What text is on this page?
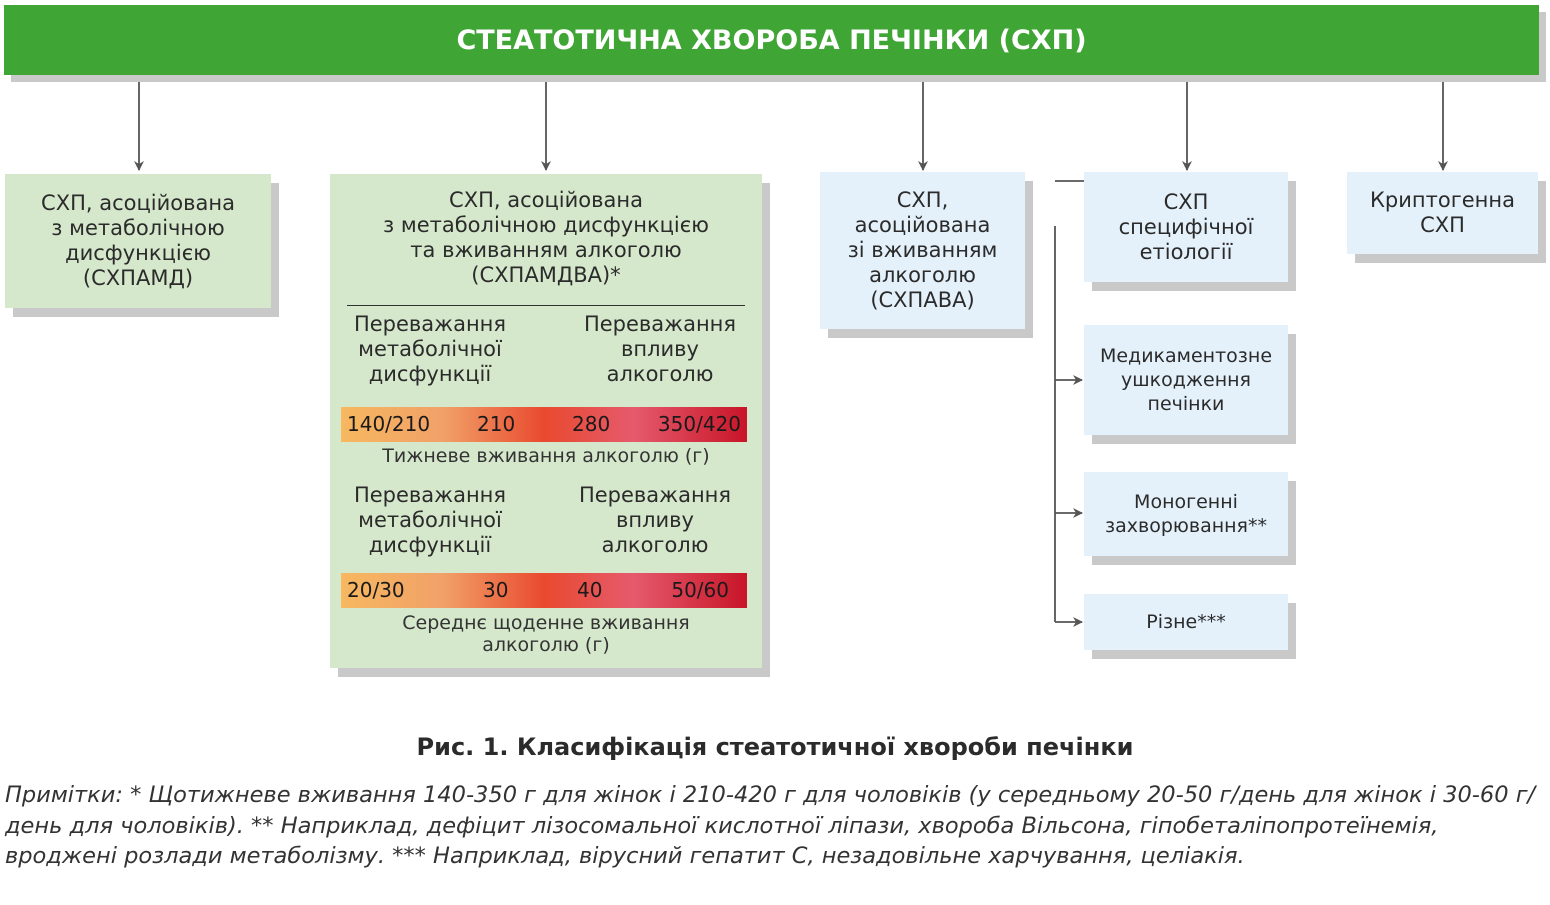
СТЕАТОТИЧНА ХВОРОБА ПЕЧІНКИ (СХП)
СХП, асоційована
з метаболічною
дисфункцією
(СХПАМД)
СХП, асоційована
з метаболічною дисфункцією
та вживанням алкоголю
(СХПАМДВА)*
Переважання
метаболічної
дисфункції
Переважання
впливу
алкоголю
140/210 210	280 350/420
Тижневе вживання алкоголю (г)
Переважання
метаболічної
дисфункції
Переважання
впливу
алкоголю
20/30	30	40	50/60
Середнє щоденне вживання
алкоголю (г)
СХП,
асоційована
зі вживанням
алкоголю
(СХПАВА)
СХП
специфічної
етіології
Криптогенна
СХП
Медикаментозне
ушкодження
печінки
Моногенні
захворювання**
Різне***
Рис. 1. Класифікація стеатотичної хвороби печінки
Примітки: * Щотижневе вживання 140-350 г для жінок і 210-420 г для чоловіків (у середньому 20-50 г/день для жінок і 30-60 г/день для чоловіків). ** Наприклад, дефіцит лізосомальної кислотної ліпази, хвороба Вільсона, гіпобеталіпопротеїнемія, вроджені розлади метаболізму. *** Наприклад, вірусний гепатит С, незадовільне харчування, целіакія.
